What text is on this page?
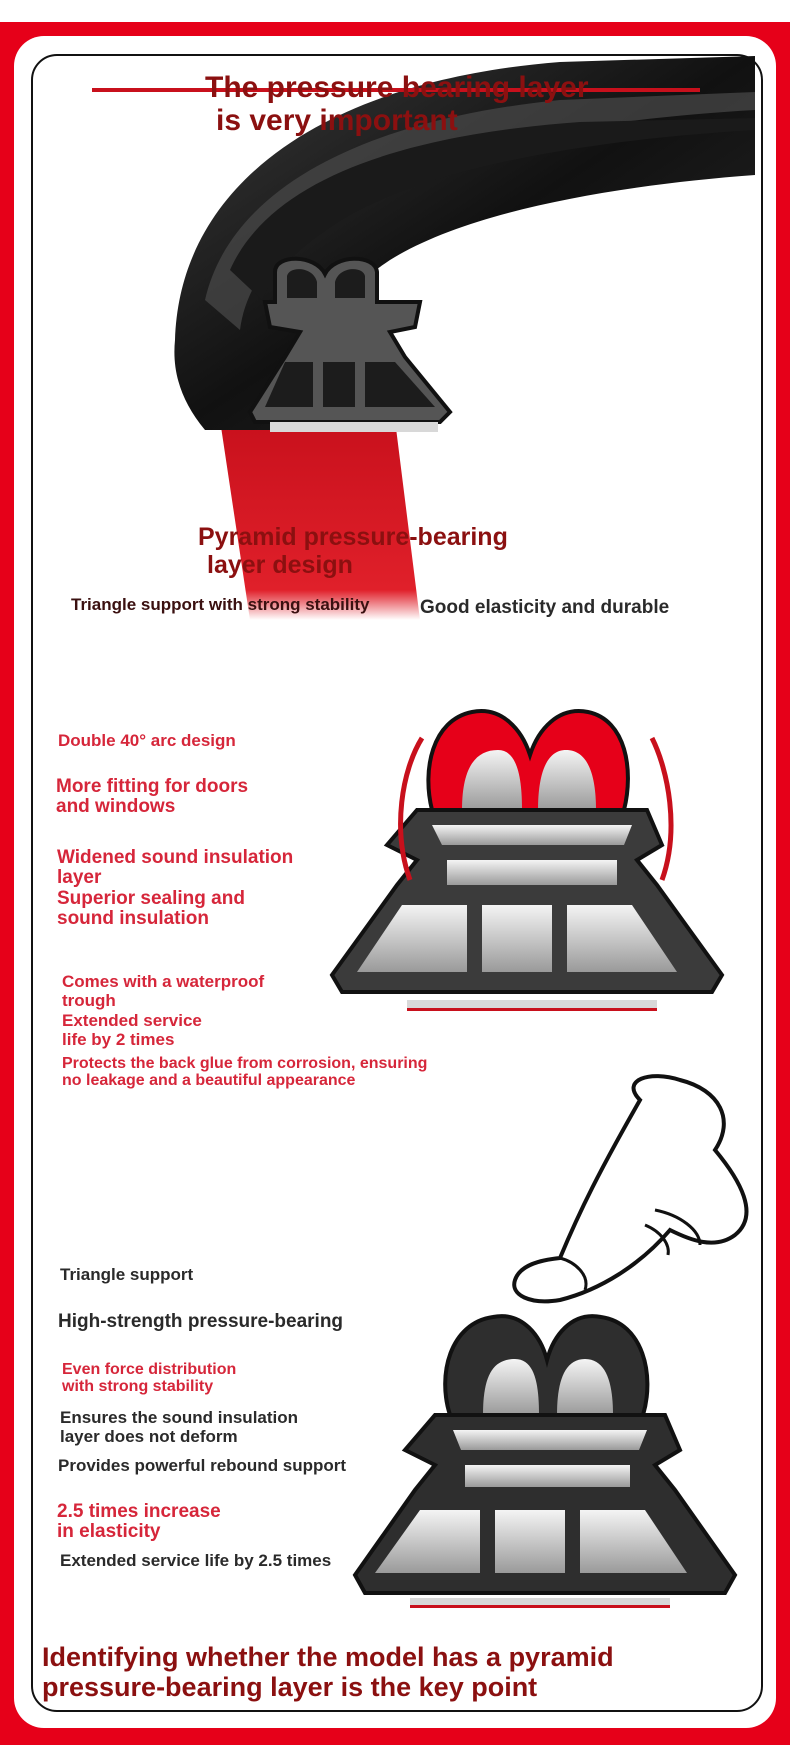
The pressure bearing layer

is very important

Pyramid pressure-bearing

layer design

Triangle support with strong stability	Good elasticity and durable

Double 40° arc design

More fitting for doors
and windows

Widened sound insulation
layer

Superior sealing and
sound insulation

Comes with a waterproof
trough

Extended service
life by 2 times

Protects the back glue from corrosion, ensuring
no leakage and a beautiful appearance

Triangle support

High-strength pressure-bearing

Even force distribution
with strong stability

Ensures the sound insulation
layer does not deform

Provides powerful rebound support

2.5 times increase
in elasticity

Extended service life by 2.5 times

Identifying whether the model has a pyramid

pressure-bearing layer is the key point
